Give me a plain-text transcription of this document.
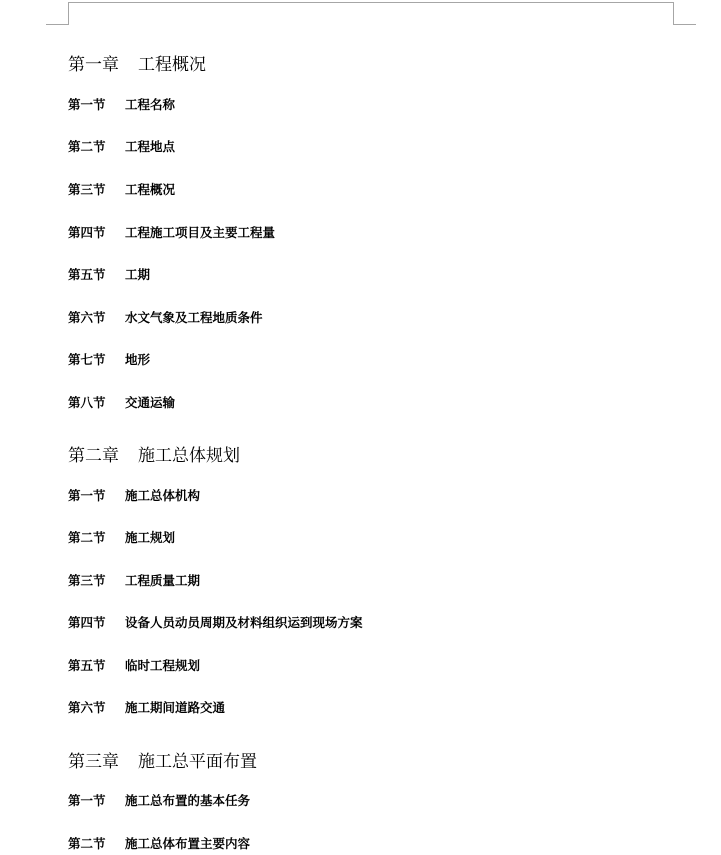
第一章	工程概况
第一节	工程名称
第二节	工程地点
第三节	工程概况
第四节	工程施工项目及主要工程量
第五节	工期
第六节	水文气象及工程地质条件
第七节	地形
第八节	交通运输
第二章	施工总体规划
第一节	施工总体机构
第二节	施工规划
第三节	工程质量工期
第四节	设备人员动员周期及材料组织运到现场方案
第五节	临时工程规划
第六节	施工期间道路交通
第三章	施工总平面布置
第一节	施工总布置的基本任务
第二节	施工总体布置主要内容
